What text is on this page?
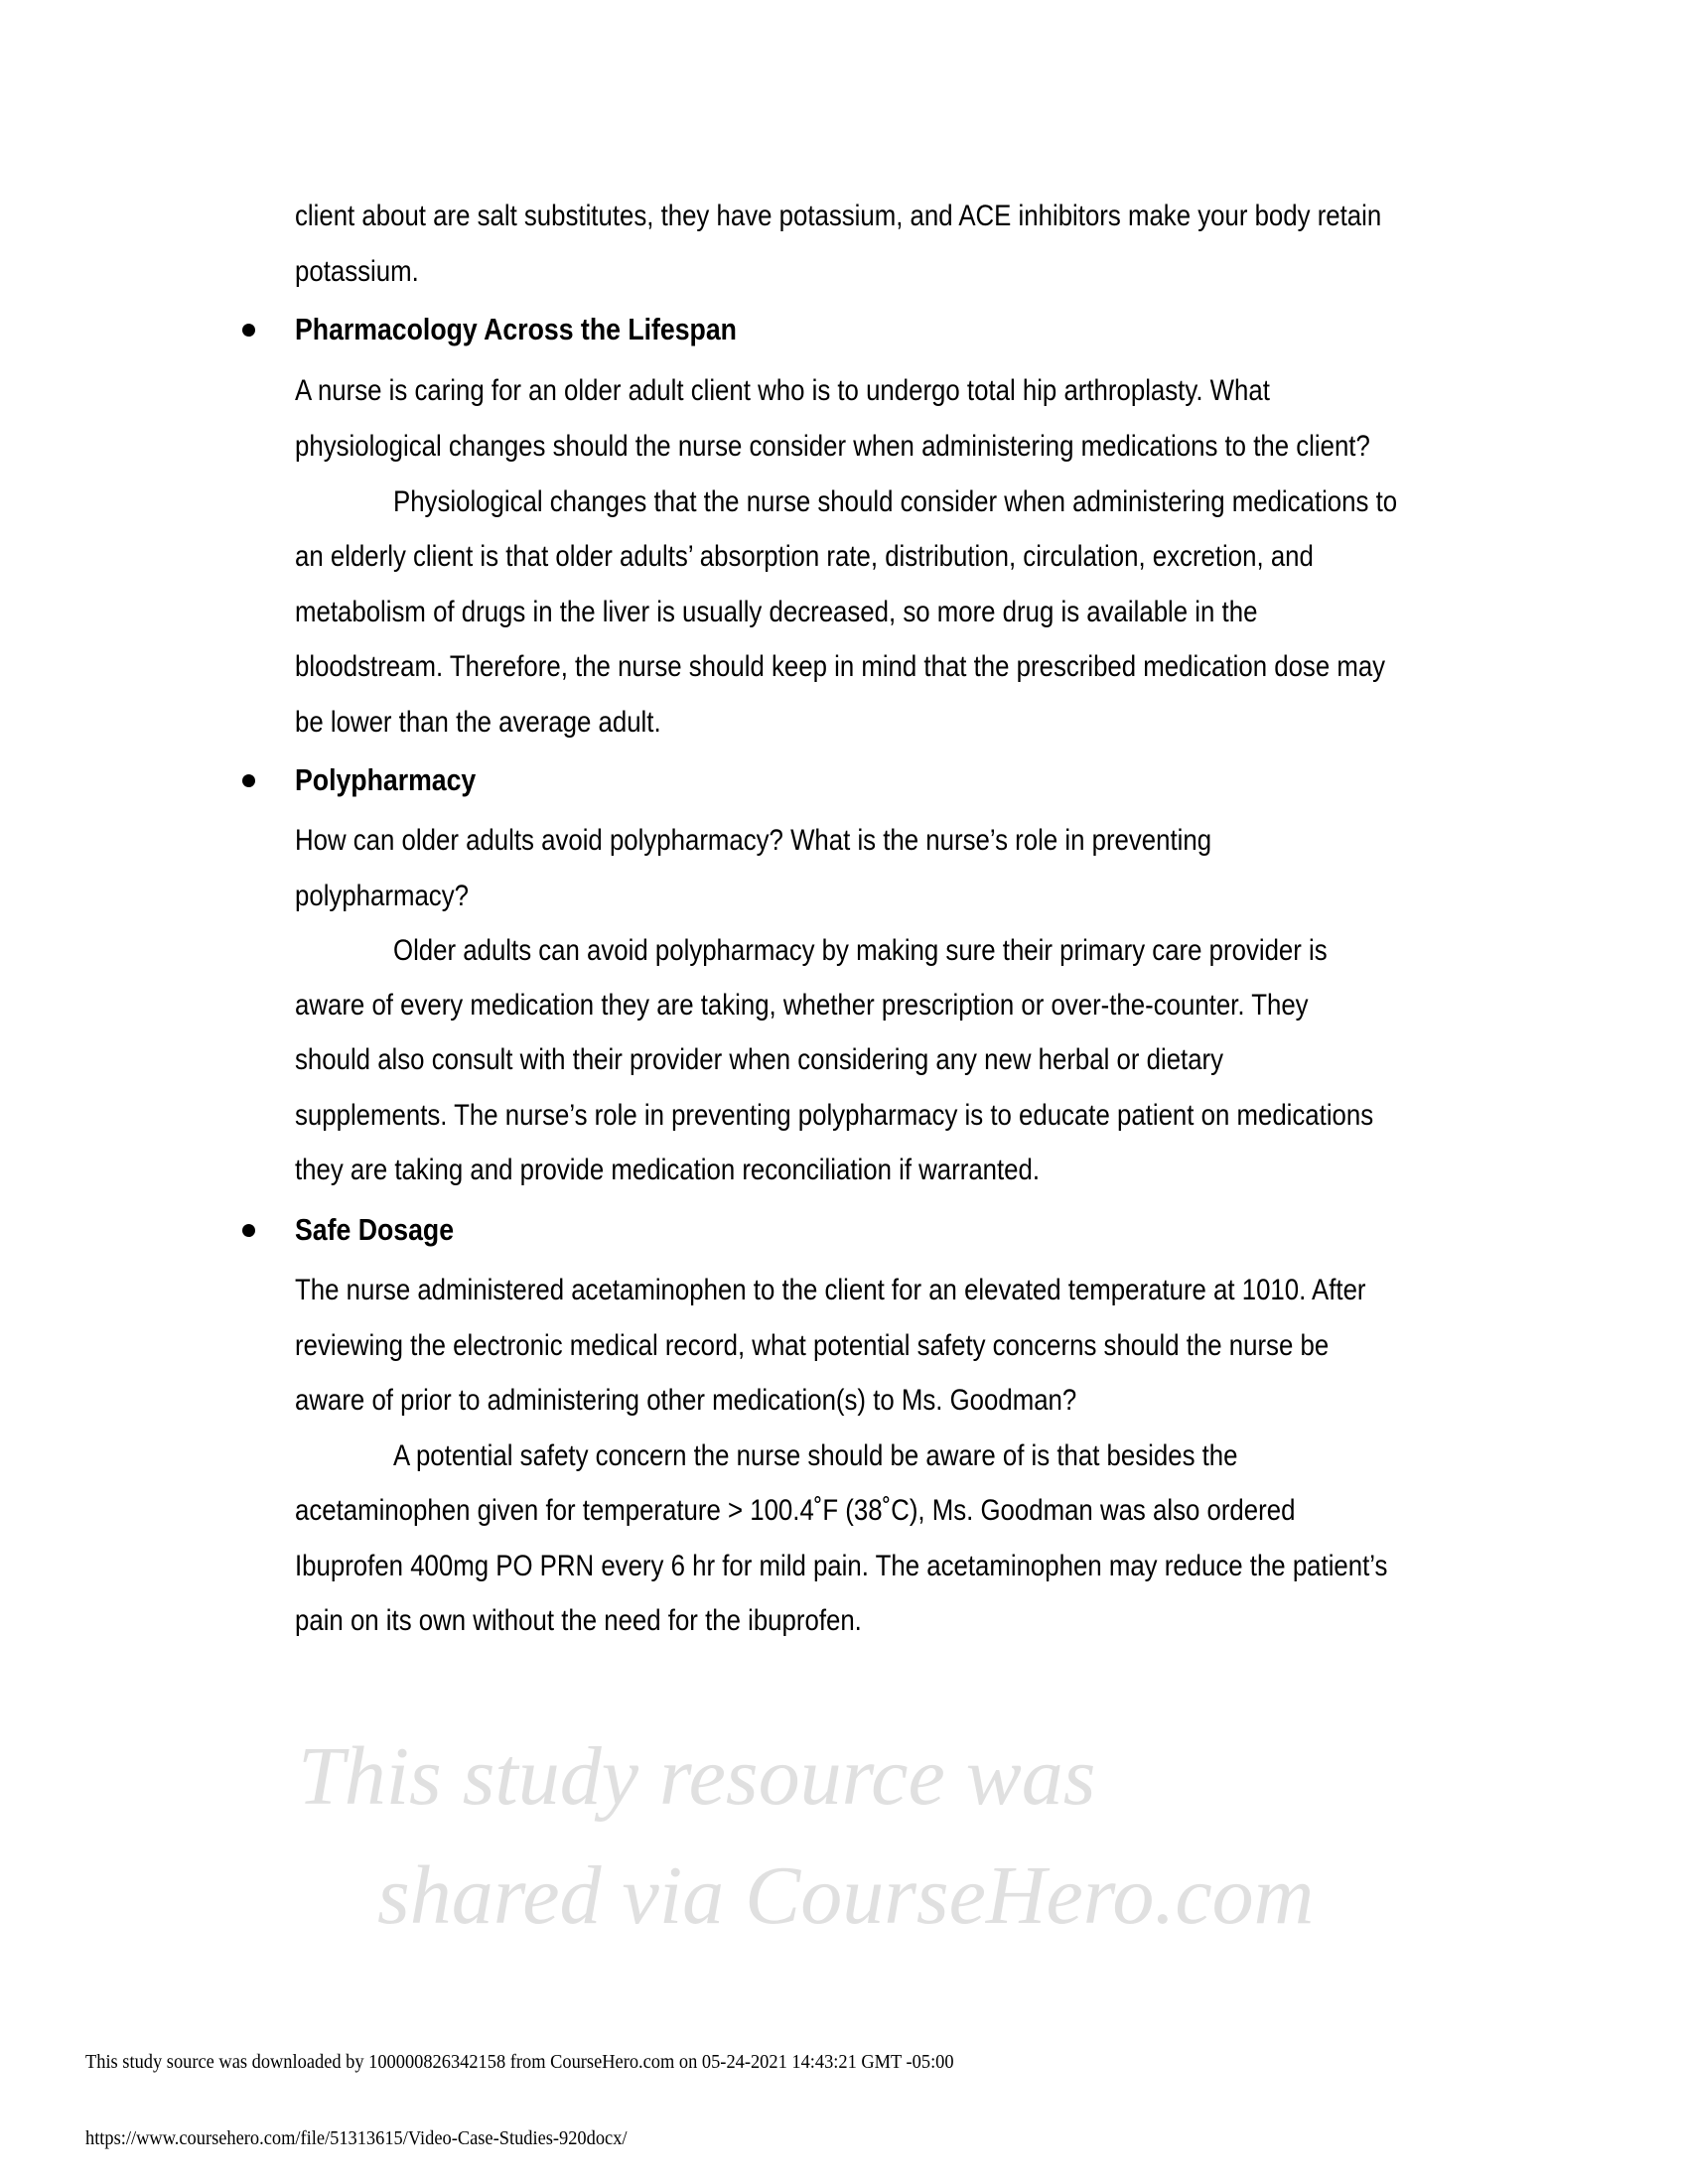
client about are salt substitutes, they have potassium, and ACE inhibitors make your body retain
potassium.
Pharmacology Across the Lifespan
A nurse is caring for an older adult client who is to undergo total hip arthroplasty. What
physiological changes should the nurse consider when administering medications to the client?
Physiological changes that the nurse should consider when administering medications to
an elderly client is that older adults’ absorption rate, distribution, circulation, excretion, and
metabolism of drugs in the liver is usually decreased, so more drug is available in the
bloodstream. Therefore, the nurse should keep in mind that the prescribed medication dose may
be lower than the average adult.
Polypharmacy
How can older adults avoid polypharmacy? What is the nurse’s role in preventing
polypharmacy?
Older adults can avoid polypharmacy by making sure their primary care provider is
aware of every medication they are taking, whether prescription or over-the-counter. They
should also consult with their provider when considering any new herbal or dietary
supplements. The nurse’s role in preventing polypharmacy is to educate patient on medications
they are taking and provide medication reconciliation if warranted.
Safe Dosage
The nurse administered acetaminophen to the client for an elevated temperature at 1010. After
reviewing the electronic medical record, what potential safety concerns should the nurse be
aware of prior to administering other medication(s) to Ms. Goodman?
A potential safety concern the nurse should be aware of is that besides the
acetaminophen given for temperature > 100.4˚F (38˚C), Ms. Goodman was also ordered
Ibuprofen 400mg PO PRN every 6 hr for mild pain. The acetaminophen may reduce the patient’s
pain on its own without the need for the ibuprofen.
This study resource was
shared via CourseHero.com
This study source was downloaded by 100000826342158 from CourseHero.com on 05-24-2021 14:43:21 GMT -05:00
https://www.coursehero.com/file/51313615/Video-Case-Studies-920docx/
